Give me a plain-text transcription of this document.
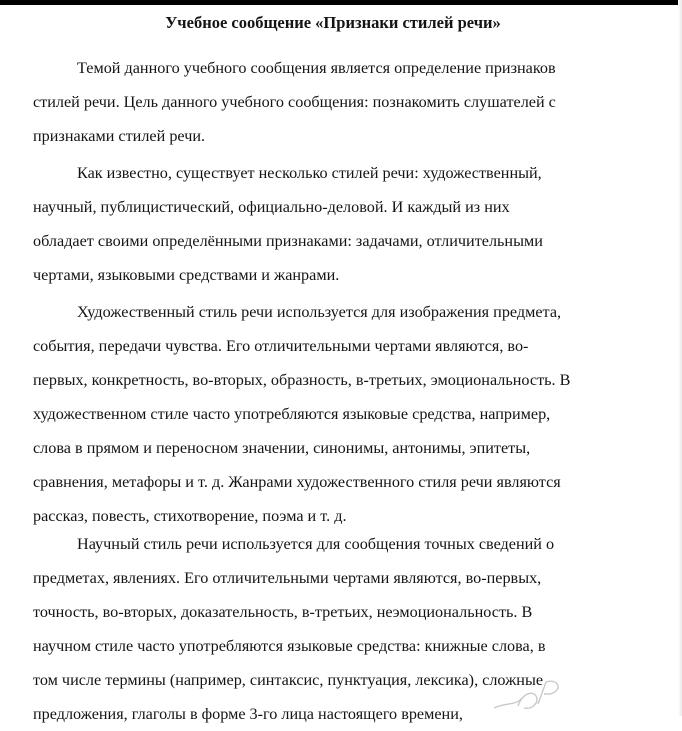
Учебное сообщение «Признаки стилей речи»
Темой данного учебного сообщения является определение признаков
стилей речи. Цель данного учебного сообщения: познакомить слушателей с
признаками стилей речи.
Как известно, существует несколько стилей речи: художественный,
научный, публицистический, официально-деловой. И каждый из них
обладает своими определёнными признаками: задачами, отличительными
чертами, языковыми средствами и жанрами.
Художественный стиль речи используется для изображения предмета,
события, передачи чувства. Его отличительными чертами являются, во-
первых, конкретность, во-вторых, образность, в-третьих, эмоциональность. В
художественном стиле часто употребляются языковые средства, например,
слова в прямом и переносном значении, синонимы, антонимы, эпитеты,
сравнения, метафоры и т. д. Жанрами художественного стиля речи являются
рассказ, повесть, стихотворение, поэма и т. д.
Научный стиль речи используется для сообщения точных сведений о
предметах, явлениях. Его отличительными чертами являются, во-первых,
точность, во-вторых, доказательность, в-третьих, неэмоциональность. В
научном стиле часто употребляются языковые средства: книжные слова, в
том числе термины (например, синтаксис, пунктуация, лексика), сложные
предложения, глаголы в форме 3-го лица настоящего времени,
